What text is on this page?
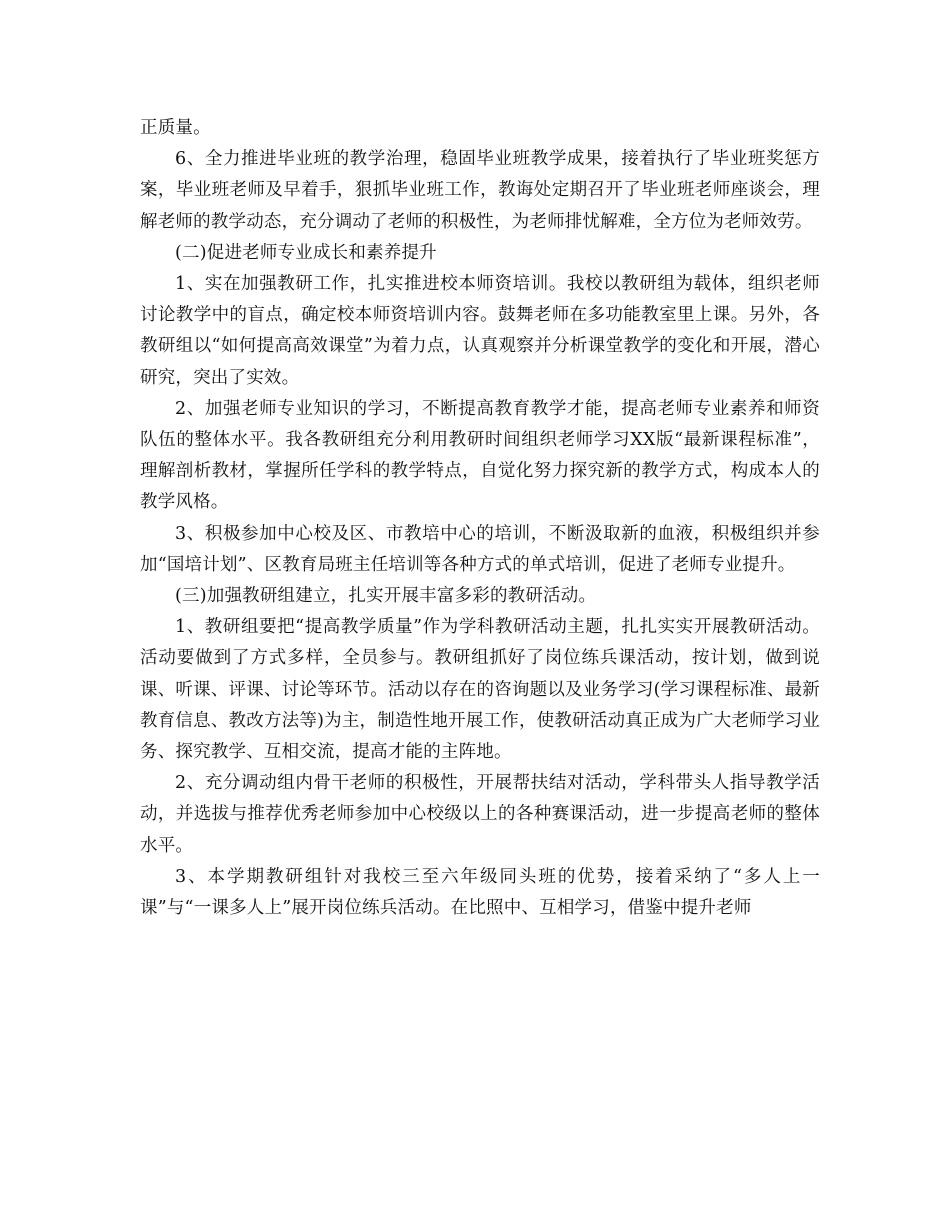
正质量。

6、全力推进毕业班的教学治理，稳固毕业班教学成果，接着执行了毕业班奖惩方案，毕业班老师及早着手，狠抓毕业班工作，教诲处定期召开了毕业班老师座谈会，理解老师的教学动态，充分调动了老师的积极性，为老师排忧解难，全方位为老师效劳。

(二)促进老师专业成长和素养提升

1、实在加强教研工作，扎实推进校本师资培训。我校以教研组为载体，组织老师讨论教学中的盲点，确定校本师资培训内容。鼓舞老师在多功能教室里上课。另外，各教研组以“如何提高高效课堂”为着力点，认真观察并分析课堂教学的变化和开展，潜心研究，突出了实效。

2、加强老师专业知识的学习，不断提高教育教学才能，提高老师专业素养和师资队伍的整体水平。我各教研组充分利用教研时间组织老师学习XX版“最新课程标准”，理解剖析教材，掌握所任学科的教学特点，自觉化努力探究新的教学方式，构成本人的教学风格。

3、积极参加中心校及区、市教培中心的培训，不断汲取新的血液，积极组织并参加“国培计划”、区教育局班主任培训等各种方式的单式培训，促进了老师专业提升。

(三)加强教研组建立，扎实开展丰富多彩的教研活动。

1、教研组要把“提高教学质量”作为学科教研活动主题，扎扎实实开展教研活动。活动要做到了方式多样，全员参与。教研组抓好了岗位练兵课活动，按计划，做到说课、听课、评课、讨论等环节。活动以存在的咨询题以及业务学习(学习课程标准、最新教育信息、教改方法等)为主，制造性地开展工作，使教研活动真正成为广大老师学习业务、探究教学、互相交流，提高才能的主阵地。

2、充分调动组内骨干老师的积极性，开展帮扶结对活动，学科带头人指导教学活动，并选拔与推荐优秀老师参加中心校级以上的各种赛课活动，进一步提高老师的整体水平。

3、本学期教研组针对我校三至六年级同头班的优势，接着采纳了“多人上一课”与“一课多人上”展开岗位练兵活动。在比照中、互相学习，借鉴中提升老师
